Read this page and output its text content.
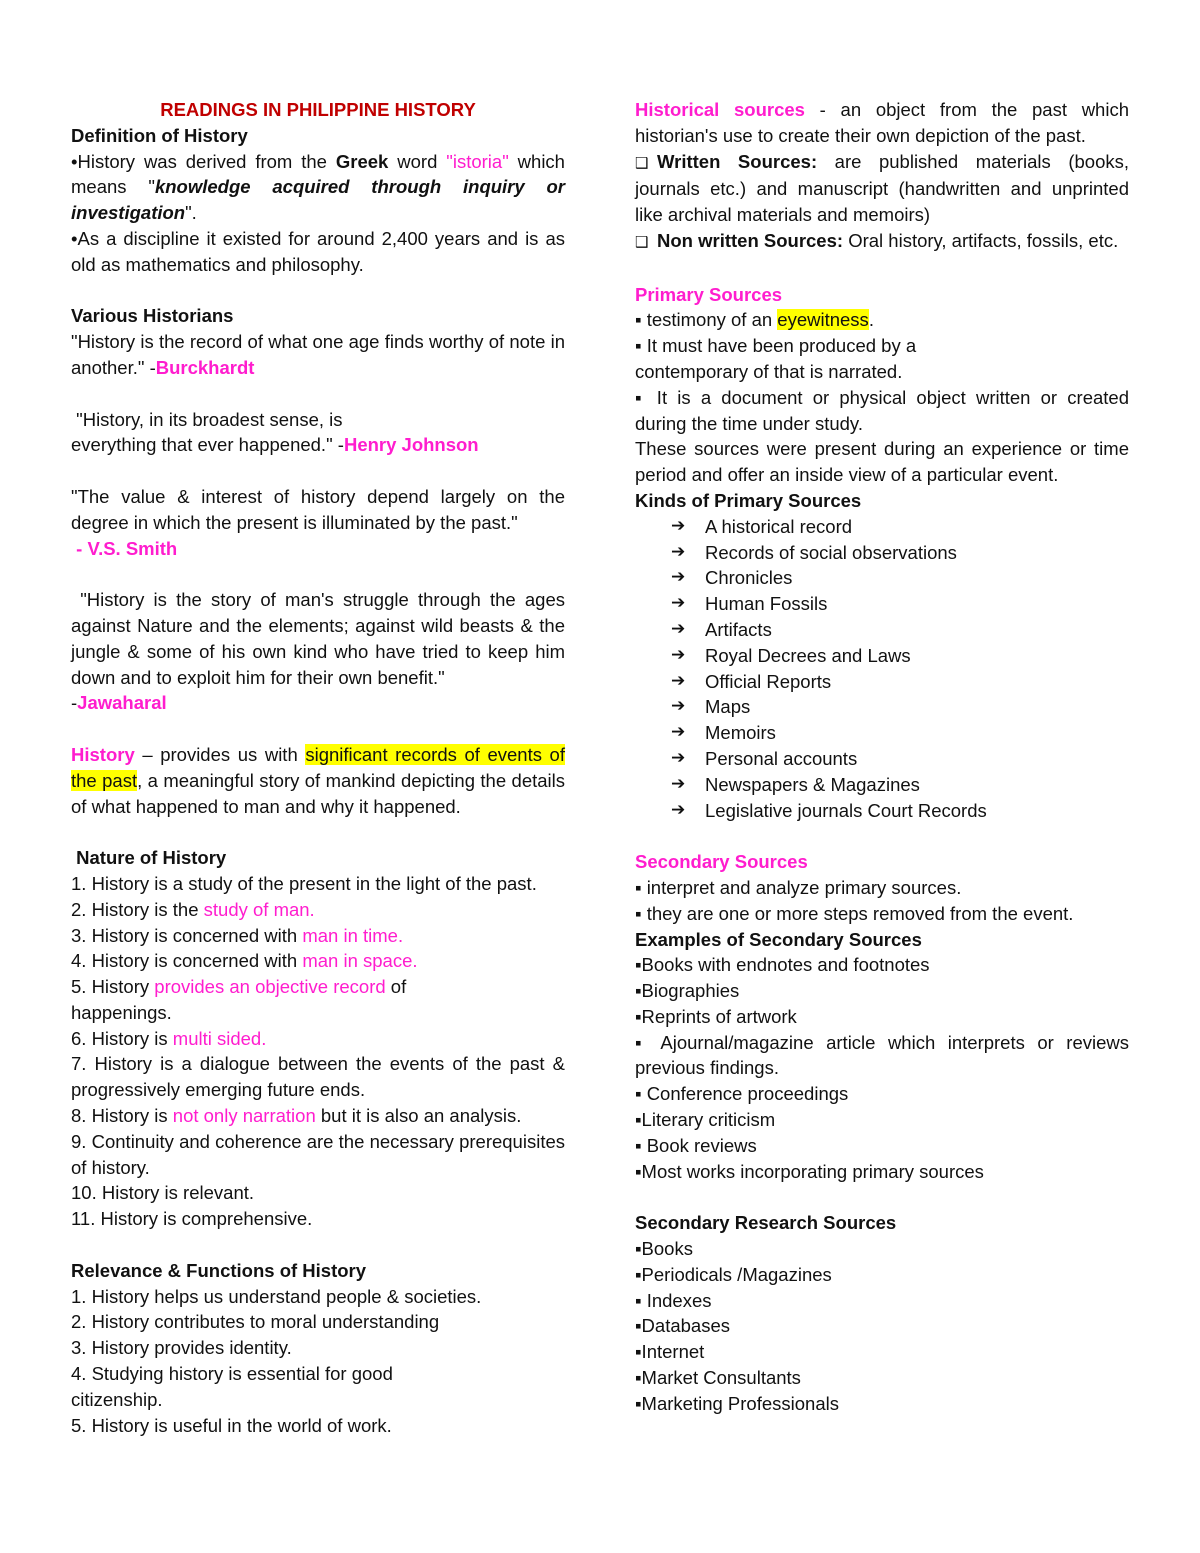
READINGS IN PHILIPPINE HISTORY

Definition of History

•History was derived from the Greek word "istoria" which means "knowledge acquired through inquiry or investigation".

•As a discipline it existed for around 2,400 years and is as old as mathematics and philosophy.

Various Historians

"History is the record of what one age finds worthy of note in another." -Burckhardt

"History, in its broadest sense, is

everything that ever happened." -Henry Johnson

"The value & interest of history depend largely on the degree in which the present is illuminated by the past."

- V.S. Smith

"History is the story of man's struggle through the ages against Nature and the elements; against wild beasts & the jungle & some of his own kind who have tried to keep him down and to exploit him for their own benefit."

-Jawaharal

History – provides us with significant records of events of the past, a meaningful story of mankind depicting the details of what happened to man and why it happened.

Nature of History

1. History is a study of the present in the light of the past.

2. History is the study of man.

3. History is concerned with man in time.

4. History is concerned with man in space.

5. History provides an objective record of

happenings.

6. History is multi sided.

7. History is a dialogue between the events of the past & progressively emerging future ends.

8. History is not only narration but it is also an analysis.

9. Continuity and coherence are the necessary prerequisites of history.

10. History is relevant.

11. History is comprehensive.

Relevance & Functions of History

1. History helps us understand people & societies.

2. History contributes to moral understanding

3. History provides identity.

4. Studying history is essential for good

citizenship.

5. History is useful in the world of work.

Historical sources - an object from the past which historian's use to create their own depiction of the past.

❑ Written Sources: are published materials (books, journals etc.) and manuscript (handwritten and unprinted like archival materials and memoirs)

❑ Non written Sources: Oral history, artifacts, fossils, etc.

Primary Sources

▪ testimony of an eyewitness.

▪ It must have been produced by a

contemporary of that is narrated.

▪ It is a document or physical object written or created during the time under study.

These sources were present during an experience or time period and offer an inside view of a particular event.

Kinds of Primary Sources

➔ A historical record
➔ Records of social observations
➔ Chronicles
➔ Human Fossils
➔ Artifacts
➔ Royal Decrees and Laws
➔ Official Reports
➔ Maps
➔ Memoirs
➔ Personal accounts
➔ Newspapers & Magazines
➔ Legislative journals Court Records

Secondary Sources

▪ interpret and analyze primary sources.

▪ they are one or more steps removed from the event.

Examples of Secondary Sources

▪Books with endnotes and footnotes

▪Biographies

▪Reprints of artwork

▪ Ajournal/magazine article which interprets or reviews previous findings.

▪ Conference proceedings

▪Literary criticism

▪ Book reviews

▪Most works incorporating primary sources

Secondary Research Sources

▪Books

▪Periodicals /Magazines

▪ Indexes

▪Databases

▪Internet

▪Market Consultants

▪Marketing Professionals
